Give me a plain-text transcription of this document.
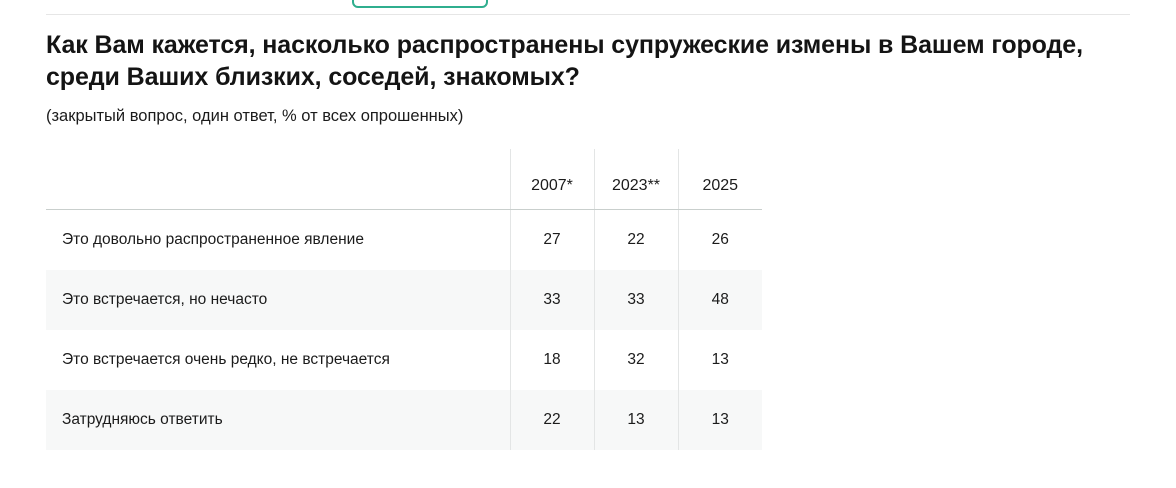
Как Вам кажется, насколько распространены супружеские измены в Вашем городе, среди Ваших близких, соседей, знакомых?
(закрытый вопрос, один ответ, % от всех опрошенных)
	2007*	2023**	2025
Это довольно распространенное явление	27	22	26
Это встречается, но нечасто	33	33	48
Это встречается очень редко, не встречается	18	32	13
Затрудняюсь ответить	22	13	13
